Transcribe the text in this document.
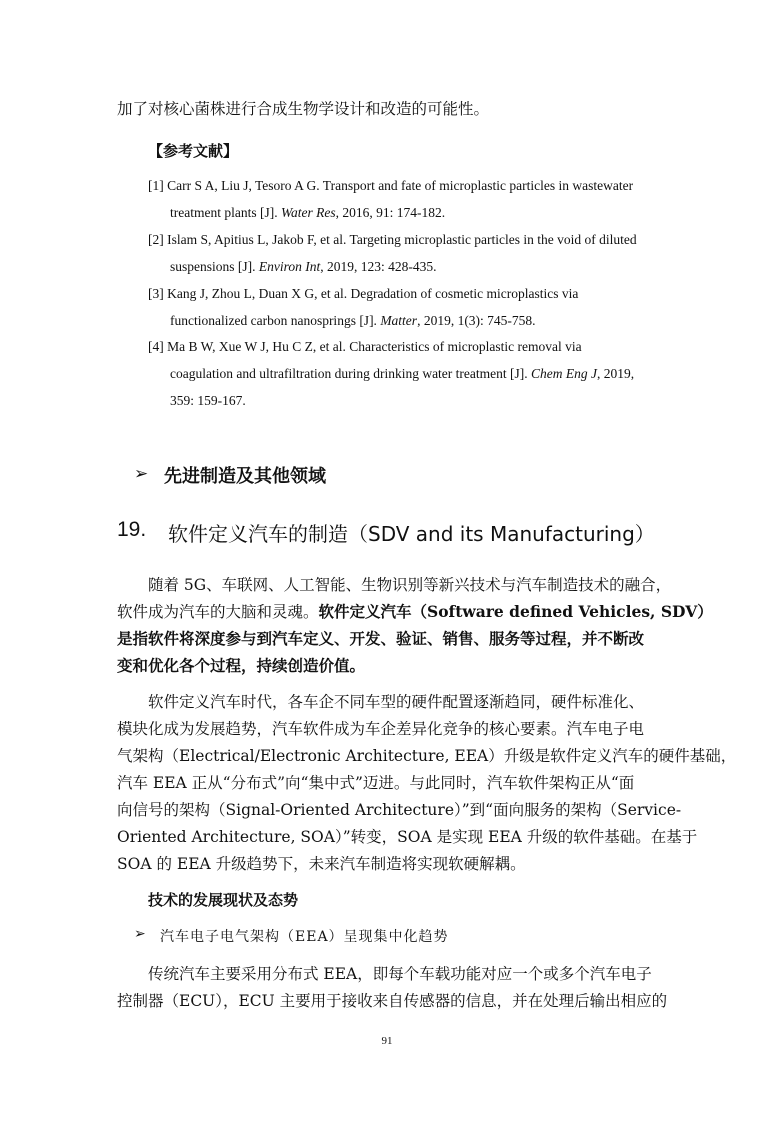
加了对核心菌株进行合成生物学设计和改造的可能性。
【参考文献】
[1] Carr S A, Liu J, Tesoro A G. Transport and fate of microplastic particles in wastewater
treatment plants [J]. Water Res, 2016, 91: 174-182.
[2] Islam S, Apitius L, Jakob F, et al. Targeting microplastic particles in the void of diluted
suspensions [J]. Environ Int, 2019, 123: 428-435.
[3] Kang J, Zhou L, Duan X G, et al. Degradation of cosmetic microplastics via
functionalized carbon nanosprings [J]. Matter, 2019, 1(3): 745-758.
[4] Ma B W, Xue W J, Hu C Z, et al. Characteristics of microplastic removal via
coagulation and ultrafiltration during drinking water treatment [J]. Chem Eng J, 2019,
359: 159-167.
➢ 先进制造及其他领域
19. 软件定义汽车的制造（SDV and its Manufacturing）
随着 5G、车联网、人工智能、生物识别等新兴技术与汽车制造技术的融合，
软件成为汽车的大脑和灵魂。软件定义汽车（Software defined Vehicles, SDV）
是指软件将深度参与到汽车定义、开发、验证、销售、服务等过程，并不断改
变和优化各个过程，持续创造价值。
软件定义汽车时代，各车企不同车型的硬件配置逐渐趋同，硬件标准化、
模块化成为发展趋势，汽车软件成为车企差异化竞争的核心要素。汽车电子电
气架构（Electrical/Electronic Architecture, EEA）升级是软件定义汽车的硬件基础，
汽车 EEA 正从“分布式”向“集中式”迈进。与此同时，汽车软件架构正从“面
向信号的架构（Signal-Oriented Architecture）”到“面向服务的架构（Service-
Oriented Architecture, SOA）”转变，SOA 是实现 EEA 升级的软件基础。在基于
SOA 的 EEA 升级趋势下，未来汽车制造将实现软硬解耦。
技术的发展现状及态势
➢ 汽车电子电气架构（EEA）呈现集中化趋势
传统汽车主要采用分布式 EEA，即每个车载功能对应一个或多个汽车电子
控制器（ECU），ECU 主要用于接收来自传感器的信息，并在处理后输出相应的
91
